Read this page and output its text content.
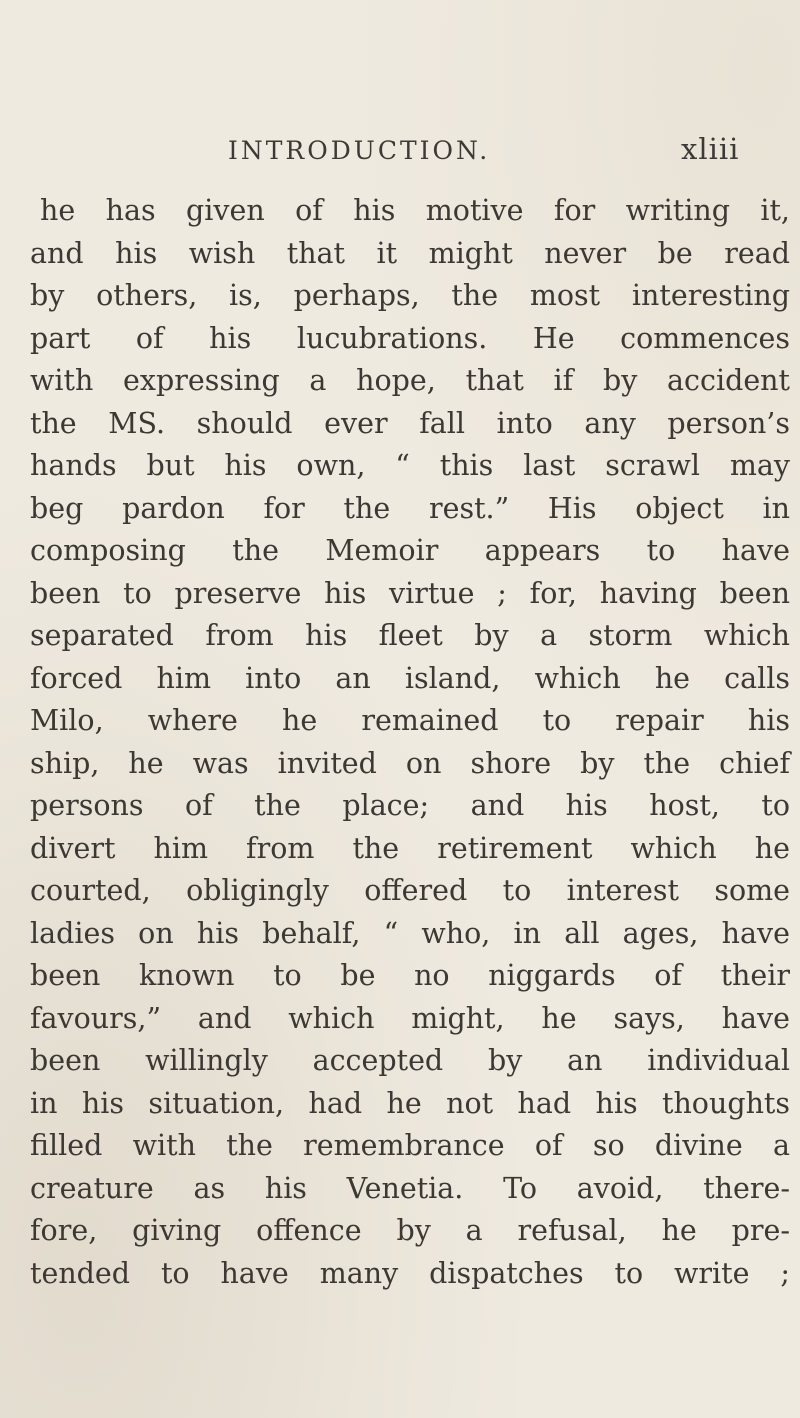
INTRODUCTION.	xliii
he has given of his motive for writing it,
and his wish that it might never be read
by others, is, perhaps, the most interesting
part of his lucubrations. He commences
with expressing a hope, that if by accident
the MS. should ever fall into any person’s
hands but his own, “ this last scrawl may
beg pardon for the rest.” His object in
composing the Memoir appears to have
been to preserve his virtue ; for, having been
separated from his fleet by a storm which
forced him into an island, which he calls
Milo, where he remained to repair his
ship, he was invited on shore by the chief
persons of the place; and his host, to
divert him from the retirement which he
courted, obligingly offered to interest some
ladies on his behalf, “ who, in all ages, have
been known to be no niggards of their
favours,” and which might, he says, have
been willingly accepted by an individual
in his situation, had he not had his thoughts
filled with the remembrance of so divine a
creature as his Venetia. To avoid, there-
fore, giving offence by a refusal, he pre-
tended to have many dispatches to write ;
